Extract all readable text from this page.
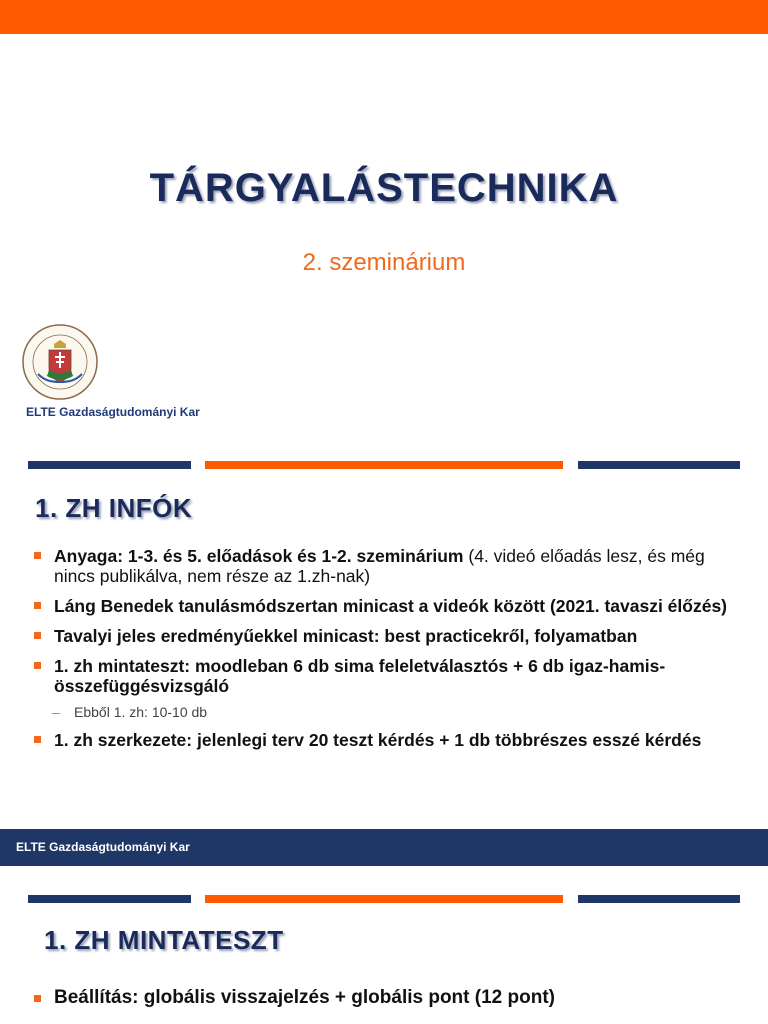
TÁRGYALÁSTECHNIKA
2. szeminárium
ELTE Gazdaságtudományi Kar
1. ZH INFÓK
Anyaga: 1-3. és 5. előadások és 1-2. szeminárium (4. videó előadás lesz, és még nincs publikálva, nem része az 1.zh-nak)
Láng Benedek tanulásmódszertan minicast a videók között (2021. tavaszi élőzés)
Tavalyi jeles eredményűekkel minicast: best practicekről, folyamatban
1. zh mintateszt: moodleban 6 db sima feleletválasztós + 6 db igaz-hamis-összefüggésvizsgáló
– Ebből 1. zh: 10-10 db
1. zh szerkezete: jelenlegi terv 20 teszt kérdés + 1 db többrészes esszé kérdés
ELTE Gazdaságtudományi Kar
1. ZH MINTATESZT
Beállítás: globális visszajelzés + globális pont (12 pont)
